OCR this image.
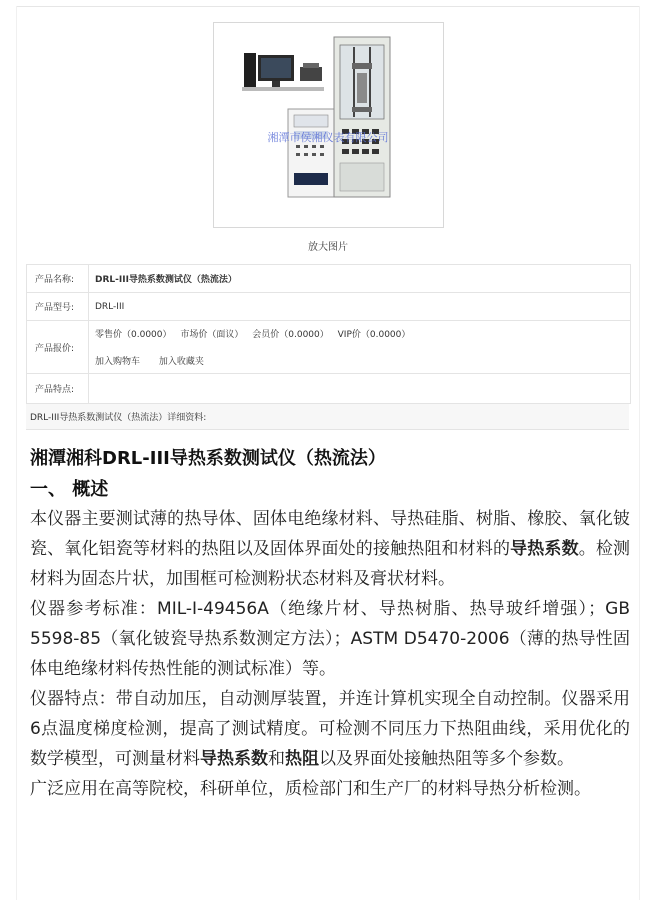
湘潭市侯湘仪表有限公司
放大图片
产品名称:	DRL-III导热系数测试仪（热流法）
产品型号:	DRL-III
产品报价:
零售价（0.0000） 市场价（面议） 会员价（0.0000） VIP价（0.0000）
加入购物车 加入收藏夹
产品特点:
DRL-III导热系数测试仪（热流法）详细资料:
湘潭湘科DRL-III导热系数测试仪（热流法）
一、 概述

本仪器主要测试薄的热导体、固体电绝缘材料、导热硅脂、树脂、橡胶、氧化铍瓷、氧化铝瓷等材料的热阻以及固体界面处的接触热阻和材料的导热系数。检测材料为固态片状，加围框可检测粉状态材料及膏状材料。

仪器参考标准：MIL-I-49456A（绝缘片材、导热树脂、热导玻纤增强）；GB 5598-85（氧化铍瓷导热系数测定方法）；ASTM D5470-2006（薄的热导性固体电绝缘材料传热性能的测试标准）等。

仪器特点：带自动加压，自动测厚装置，并连计算机实现全自动控制。仪器采用6点温度梯度检测，提高了测试精度。可检测不同压力下热阻曲线，采用优化的数学模型，可测量材料导热系数和热阻以及界面处接触热阻等多个参数。

广泛应用在高等院校，科研单位，质检部门和生产厂的材料导热分析检测。
